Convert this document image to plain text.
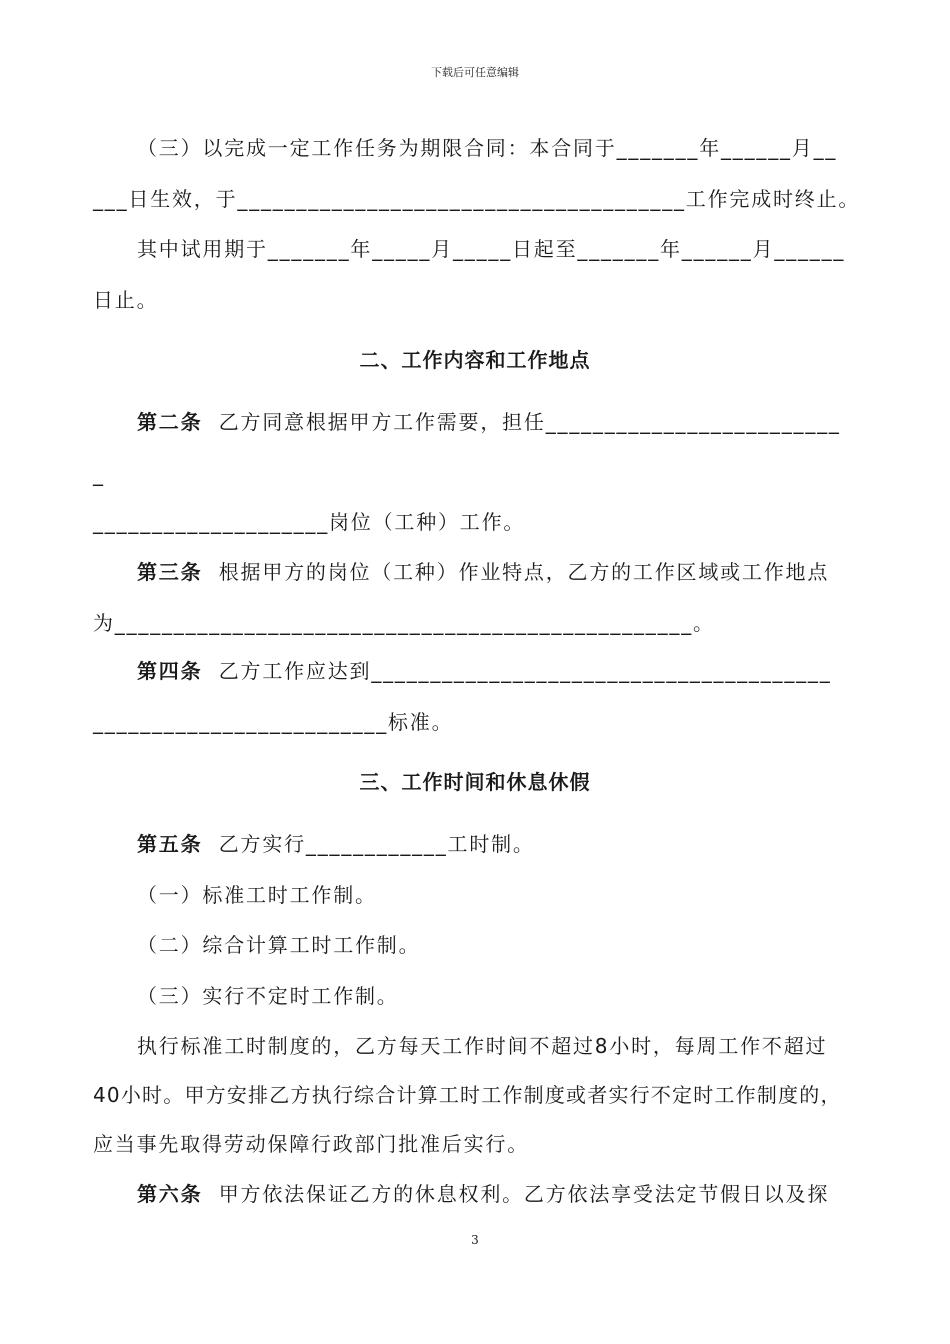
下载后可任意编辑
（三）以完成一定工作任务为期限合同：本合同于_______年______月__
___日生效，于______________________________________工作完成时终止。
其中试用期于_______年_____月_____日起至_______年______月______
日止。
二、工作内容和工作地点
第二条 乙方同意根据甲方工作需要，担任_________________________
_
____________________岗位（工种）工作。
第三条 根据甲方的岗位（工种）作业特点，乙方的工作区域或工作地点
为_________________________________________________。
第四条 乙方工作应达到_______________________________________
_________________________标准。
三、工作时间和休息休假
第五条 乙方实行____________工时制。
（一）标准工时工作制。
（二）综合计算工时工作制。
（三）实行不定时工作制。
执行标准工时制度的，乙方每天工作时间不超过8小时，每周工作不超过
40小时。甲方安排乙方执行综合计算工时工作制度或者实行不定时工作制度的，
应当事先取得劳动保障行政部门批准后实行。
第六条 甲方依法保证乙方的休息权利。乙方依法享受法定节假日以及探
3
